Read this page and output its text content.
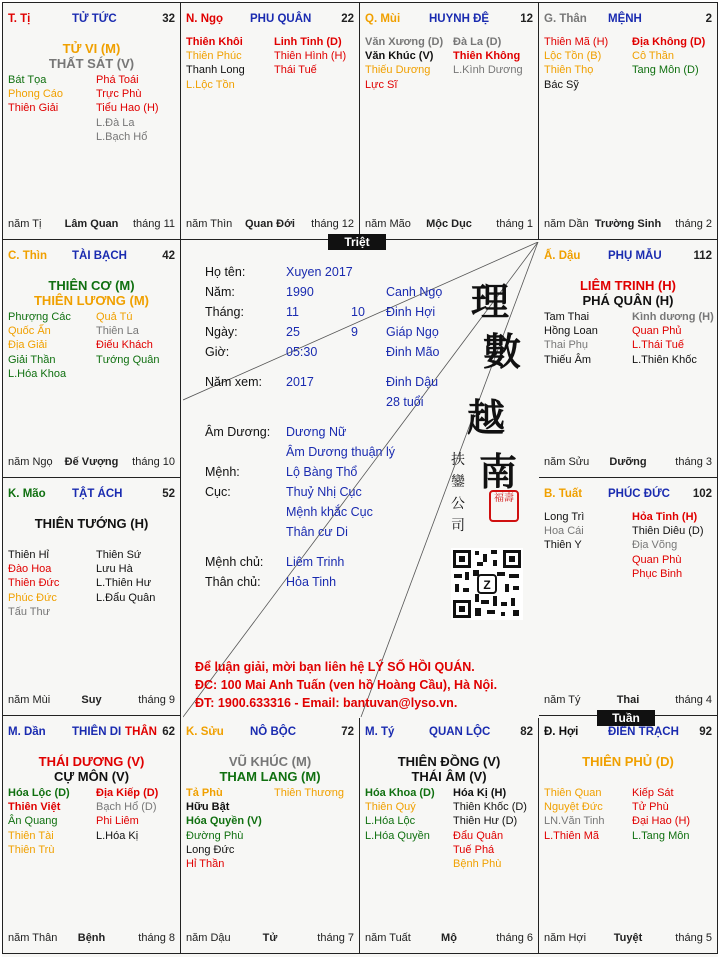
T. Tị	TỬ TỨC	32
TỬ VI (M)
THẤT SÁT (V)
Bát Tọa
Phong Cáo
Thiên Giải
Phá Toái
Trực Phù
Tiểu Hao (H)
L.Đà La
L.Bạch Hổ
năm Tị	Lâm Quan	tháng 11
N. Ngọ PHU QUÂN	22
Thiên Khôi
Thiên Phúc
Thanh Long
L.Lộc Tồn
Linh Tinh (D)
Thiên Hình (H)
Thái Tuế
năm Thìn	Quan Đới	tháng 12
Q. Mùi	HUYNH ĐỆ	12
Văn Xương (D)
Văn Khúc (V)
Thiếu Dương
Lực Sĩ
Đà La (D)
Thiên Không
L.Kình Dương
năm Mão	Mộc Dục	tháng 1
G. Thân MỆNH	2
Thiên Mã (H)
Lộc Tồn (B)
Thiên Thọ
Bác Sỹ
Địa Không (D)
Cô Thần
Tang Môn (D)
năm Dần Trường Sinh	tháng 2
C. Thìn TÀI BẠCH	42
THIÊN CƠ (M)
THIÊN LƯƠNG (M)
Phượng Các
Quốc Ấn
Địa Giải
Giải Thần
L.Hóa Khoa
Quả Tú
Thiên La
Điếu Khách
Tướng Quân
năm Ngọ	Đế Vượng	tháng 10
Ấ. Dậu PHỤ MẪU	112
LIÊM TRINH (H)
PHÁ QUÂN (H)
Tam Thai
Hồng Loan
Thai Phụ
Thiếu Âm
Kình dương (H)
Quan Phủ
L.Thái Tuế
L.Thiên Khốc
năm Sửu	Dưỡng	tháng 3
K. Mão TẬT ÁCH	52
THIÊN TƯỚNG (H)
Thiên Hỉ
Đào Hoa
Thiên Đức
Phúc Đức
Tấu Thư
Thiên Sứ
Lưu Hà
L.Thiên Hư
L.Đẩu Quân
năm Mùi	Suy	tháng 9
B. Tuất PHÚC ĐỨC 102
Long Trì
Hoa Cái
Thiên Y
Hỏa Tinh (H)
Thiên Diêu (D)
Địa Võng
Quan Phù
Phục Binh
năm Tý	Thai	tháng 4
M. Dần THIÊN DI	62
THÂN
THÁI DƯƠNG (V)
CỰ MÔN (V)
Hóa Lộc (D)
Thiên Việt
Ân Quang
Thiên Tài
Thiên Trù
Địa Kiếp (D)
Bạch Hổ (D)
Phi Liêm
L.Hóa Kị
năm Thân	Bệnh	tháng 8
K. Sửu NÔ BỘC	72
VŨ KHÚC (M)
THAM LANG (M)
Tả Phù
Hữu Bật
Hóa Quyền (V)
Đường Phù
Long Đức
Hỉ Thần
Thiên Thương
năm Dậu	Tử	tháng 7
M. Tý	QUAN LỘC	82
THIÊN ĐỒNG (V)
THÁI ÂM (V)
Hóa Khoa (D)
Thiên Quý
L.Hóa Lộc
L.Hóa Quyền
Hóa Kị (H)
Thiên Khốc (D)
Thiên Hư (D)
Đẩu Quân
Tuế Phá
Bệnh Phù
năm Tuất	Mộ	tháng 6
Đ. Hợi	ĐIỀN TRẠCH 92
THIÊN PHỦ (D)
Thiên Quan
Nguyệt Đức
LN.Văn Tinh
L.Thiên Mã
Kiếp Sát
Tử Phù
Đại Hao (H)
L.Tang Môn
năm Hợi	Tuyệt	tháng 5
Họ tên:	Xuyen 2017
Năm:	1990	Canh Ngọ
Tháng:	11	10 Đinh Hợi
Ngày:	25	9 Giáp Ngọ
Giờ:	05:30	Đinh Mão
Năm xem: 2017	Đinh Dậu
28 tuổi
Âm Dương: Dương Nữ
Âm Dương thuận lý
Mệnh:	Lộ Bàng Thổ
Cục:	Thuỷ Nhị Cục
Mệnh khắc Cục
Thân cư Di
Mệnh chủ: Liêm Trinh
Thân chủ: Hỏa Tinh
理
數
越
南
扶
鑾
公
司
福壽
Z
Để luận giải, mời bạn liên hệ LÝ SỐ HỒI QUÁN.
ĐC: 100 Mai Anh Tuấn (ven hồ Hoàng Cầu), Hà Nội.
ĐT: 1900.633316 - Email: bantuvan@lyso.vn.
Triệt
Tuần
